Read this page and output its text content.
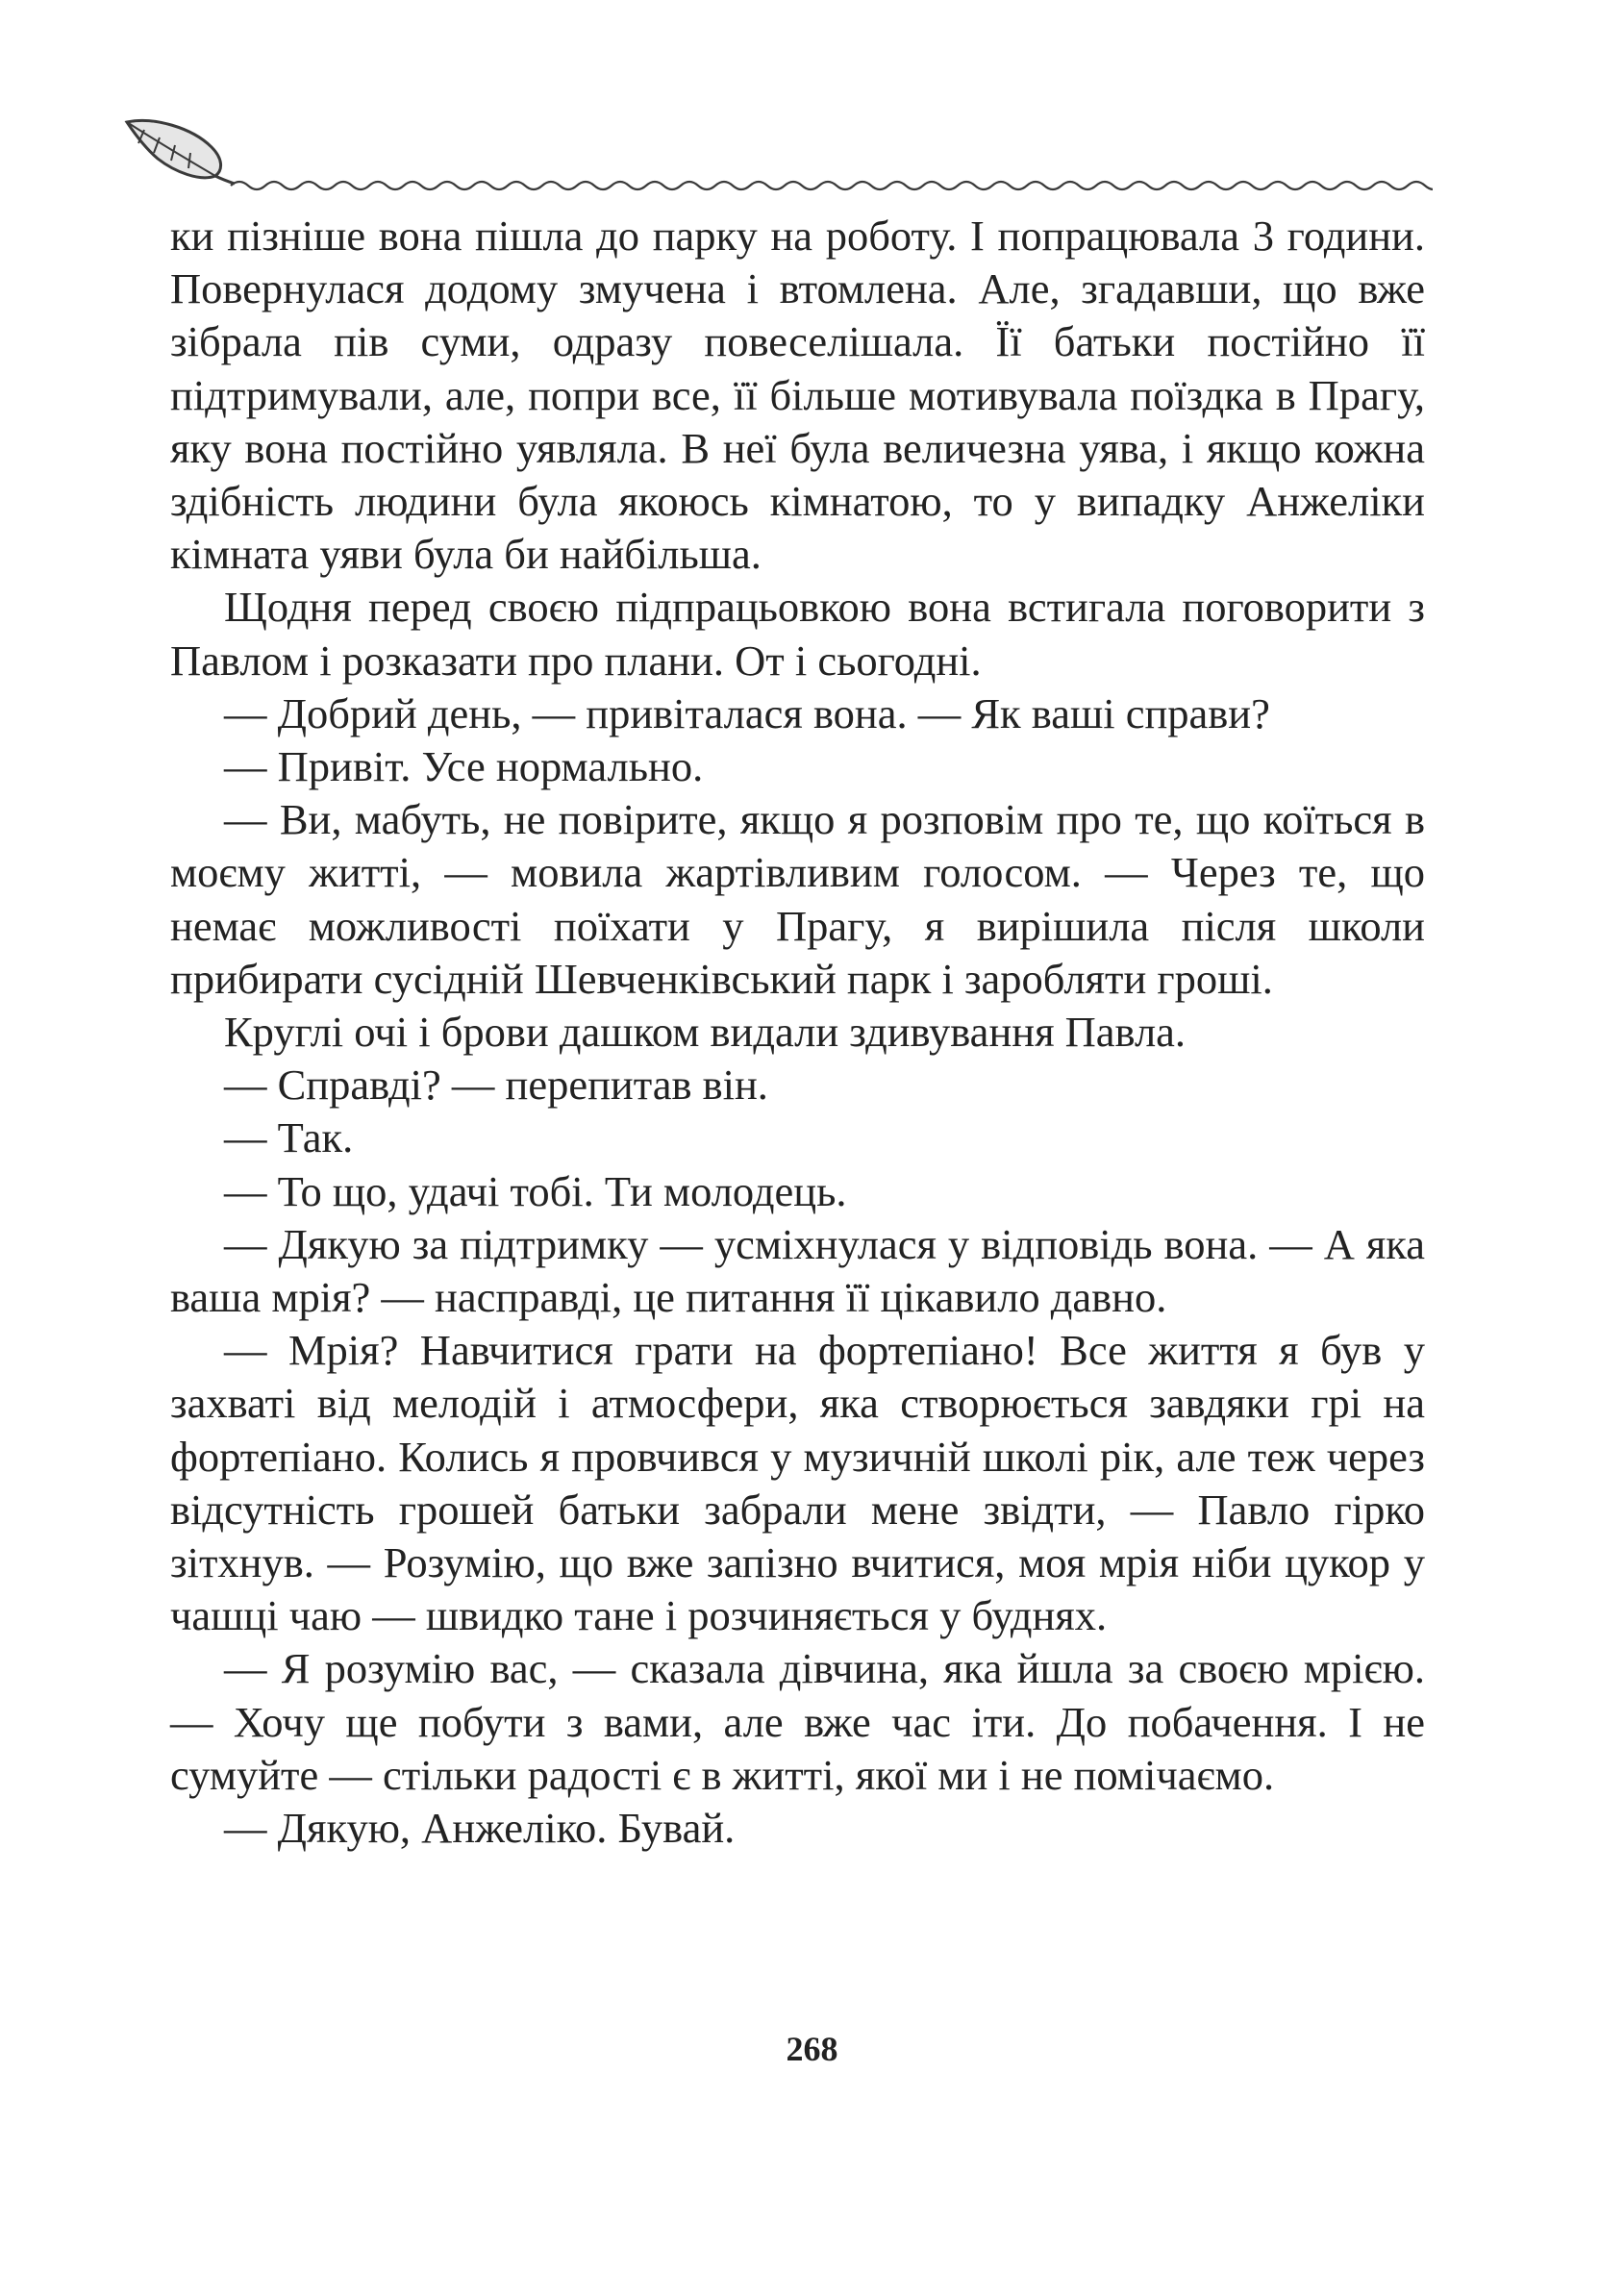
ки пізніше вона пішла до парку на роботу. І попрацювала 3 години. Повернулася додому змучена і втомлена. Але, згадавши, що вже зібрала пів суми, одразу повеселішала. Її батьки постійно її підтримували, але, попри все, її більше мотивувала поїздка в Прагу, яку вона постійно уявляла. В неї була величезна уява, і якщо кожна здібність людини була якоюсь кімнатою, то у випадку Анжеліки кімната уяви була би найбільша.

Щодня перед своєю підпрацьовкою вона встигала поговорити з Павлом і розказати про плани. От і сьогодні.

— Добрий день, — привіталася вона. — Як ваші справи?

— Привіт. Усе нормально.

— Ви, мабуть, не повірите, якщо я розповім про те, що коїться в моєму житті, — мовила жартівливим голосом. — Через те, що немає можливості поїхати у Прагу, я вирішила після школи прибирати сусідній Шевченківський парк і заробляти гроші.

Круглі очі і брови дашком видали здивування Павла.

— Справді? — перепитав він.

— Так.

— То що, удачі тобі. Ти молодець.

— Дякую за підтримку — усміхнулася у відповідь вона. — А яка ваша мрія? — насправді, це питання її цікавило давно.

— Мрія? Навчитися грати на фортепіано! Все життя я був у захваті від мелодій і атмосфери, яка створюється завдяки грі на фортепіано. Колись я провчився у музичній школі рік, але теж через відсутність грошей батьки забрали мене звідти, — Павло гірко зітхнув. — Розумію, що вже запізно вчитися, моя мрія ніби цукор у чашці чаю — швидко тане і розчиняється у буднях.

— Я розумію вас, — сказала дівчина, яка йшла за своєю мрією. — Хочу ще побути з вами, але вже час іти. До побачення. І не сумуйте — стільки радості є в житті, якої ми і не помічаємо.

— Дякую, Анжеліко. Бувай.

268
